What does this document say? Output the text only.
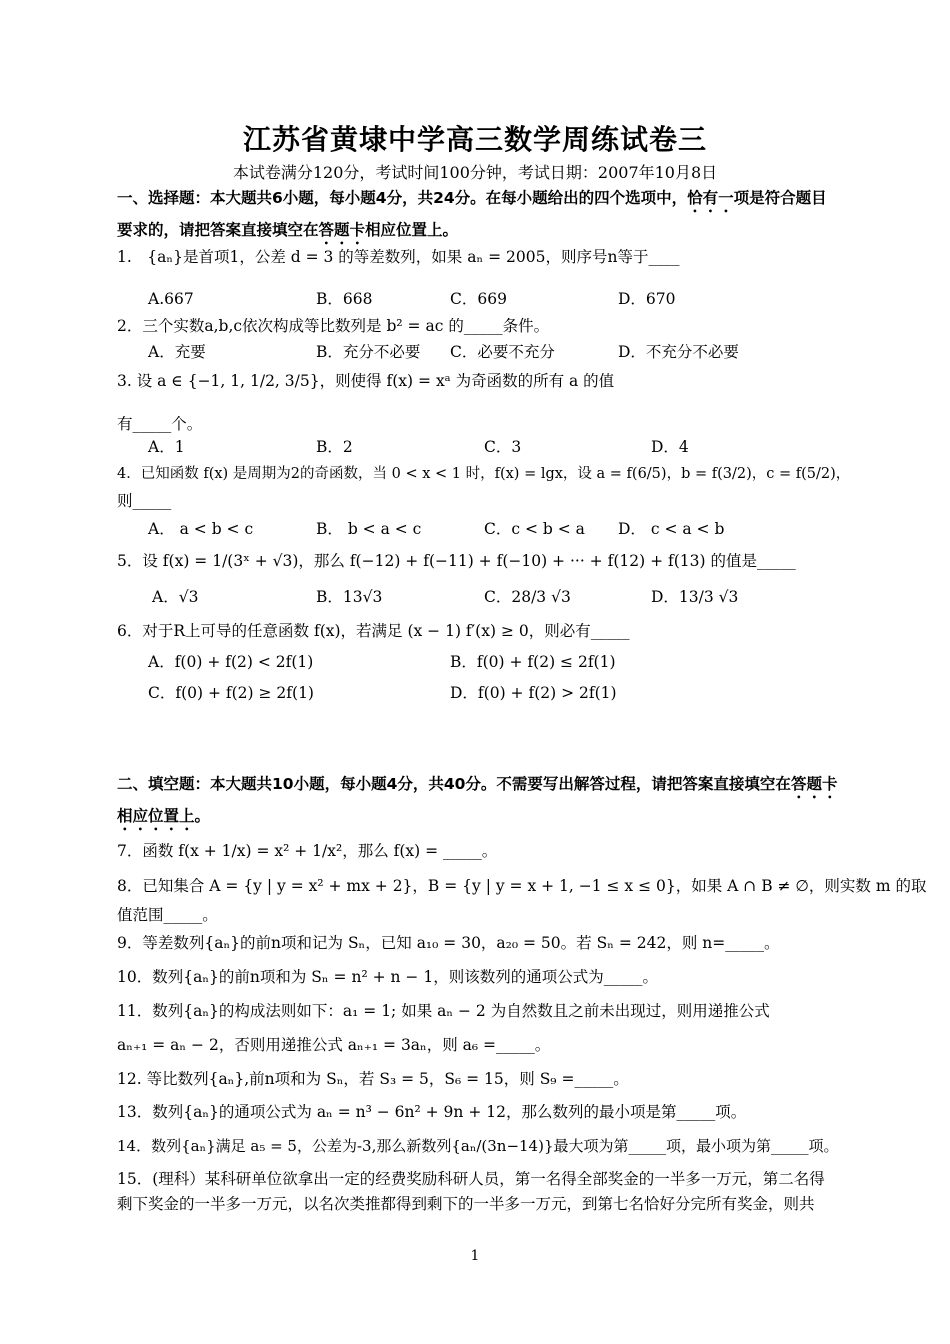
江苏省黄埭中学高三数学周练试卷三
本试卷满分120分，考试时间100分钟，考试日期：2007年10月8日
一、选择题：本大题共6小题，每小题4分，共24分。在每小题给出的四个选项中，恰有一项是符合题目
要求的，请把答案直接填空在答题卡相应位置上。
1.　{aₙ}是首项1，公差 d = 3 的等差数列，如果 aₙ = 2005，则序号n等于____
A.667	B．668	C．669	D．670
2．三个实数a,b,c依次构成等比数列是 b² = ac 的_____条件。
A．充要	B．充分不必要 C．必要不充分	D．不充分不必要
3. 设 a ∈ {−1, 1, 1/2, 3/5}，则使得 f(x) = xᵃ 为奇函数的所有 a 的值
有_____个。
A．1	B．2	C．3	D．4
4．已知函数 f(x) 是周期为2的奇函数，当 0 < x < 1 时，f(x) = lgx，设 a = f(6/5)，b = f(3/2)，c = f(5/2)，
则_____
A． a < b < c	B． b < a < c	C．c < b < a D． c < a < b
5．设 f(x) = 1/(3ˣ + √3)，那么 f(−12) + f(−11) + f(−10) + ··· + f(12) + f(13) 的值是_____
A．√3	B．13√3	C．28/3 √3	D．13/3 √3
6．对于R上可导的任意函数 f(x)，若满足 (x − 1) f′(x) ≥ 0，则必有_____
A．f(0) + f(2) < 2f(1)	B．f(0) + f(2) ≤ 2f(1)
C．f(0) + f(2) ≥ 2f(1)	D．f(0) + f(2) > 2f(1)
二、填空题：本大题共10小题，每小题4分，共40分。不需要写出解答过程，请把答案直接填空在答题卡
相应位置上。
7．函数 f(x + 1/x) = x² + 1/x²，那么 f(x) = _____。
8．已知集合 A = {y | y = x² + mx + 2}，B = {y | y = x + 1, −1 ≤ x ≤ 0}，如果 A ∩ B ≠ ∅，则实数 m 的取
值范围_____。
9．等差数列{aₙ}的前n项和记为 Sₙ，已知 a₁₀ = 30，a₂₀ = 50。若 Sₙ = 242，则 n=_____。
10．数列{aₙ}的前n项和为 Sₙ = n² + n − 1，则该数列的通项公式为_____。
11．数列{aₙ}的构成法则如下：a₁ = 1; 如果 aₙ − 2 为自然数且之前未出现过，则用递推公式
aₙ₊₁ = aₙ − 2，否则用递推公式 aₙ₊₁ = 3aₙ，则 a₆ =_____。
12. 等比数列{aₙ},前n项和为 Sₙ，若 S₃ = 5，S₆ = 15，则 S₉ =_____。
13．数列{aₙ}的通项公式为 aₙ = n³ − 6n² + 9n + 12，那么数列的最小项是第_____项。
14．数列{aₙ}满足 a₅ = 5，公差为-3,那么新数列{aₙ/(3n−14)}最大项为第_____项，最小项为第_____项。
15．(理科）某科研单位欲拿出一定的经费奖励科研人员，第一名得全部奖金的一半多一万元，第二名得
剩下奖金的一半多一万元，以名次类推都得到剩下的一半多一万元，到第七名恰好分完所有奖金，则共
1
